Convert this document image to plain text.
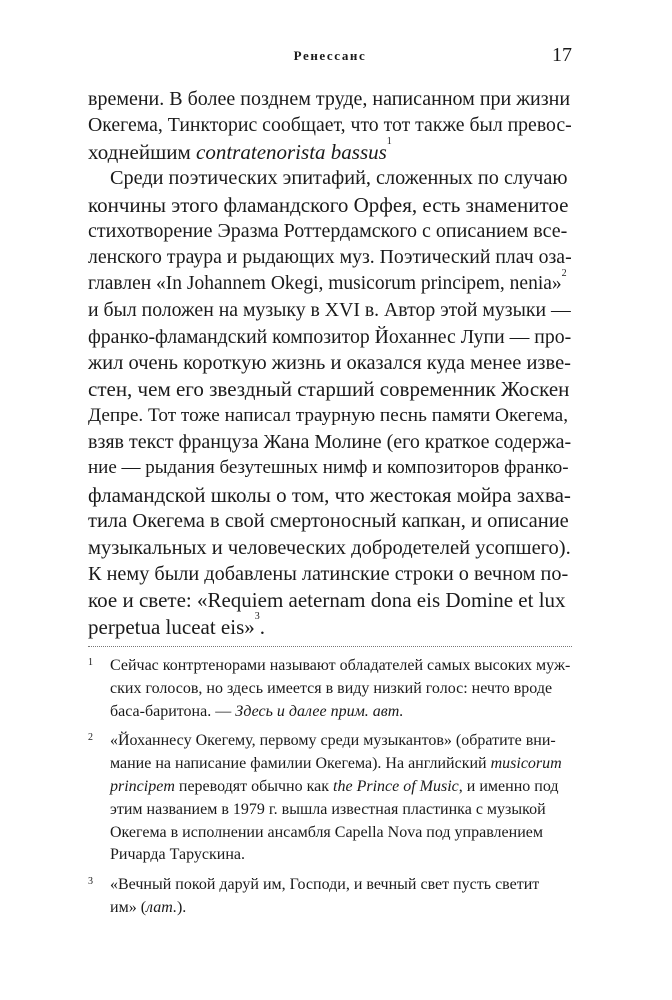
Ренессанс	17
времени. В более позднем труде, написанном при жизни
Окегема, Тинкторис сообщает, что тот также был превос-
ходнейшим contratenorista bassus$^1$
Среди поэтических эпитафий, сложенных по случаю
кончины этого фламандского Орфея, есть знаменитое
стихотворение Эразма Роттердамского с описанием все-
ленского траура и рыдающих муз. Поэтический плач оза-
главлен «In Johannem Okegi, musicorum principem, nenia»$^2$
и был положен на музыку в XVI в. Автор этой музыки —
франко-фламандский композитор Йоханнес Лупи — про-
жил очень короткую жизнь и оказался куда менее изве-
стен, чем его звездный старший современник Жоскен
Депре. Тот тоже написал траурную песнь памяти Окегема,
взяв текст француза Жана Молине (его краткое содержа-
ние — рыдания безутешных нимф и композиторов франко-
фламандской школы о том, что жестокая мойра захва-
тила Окегема в свой смертоносный капкан, и описание
музыкальных и человеческих добродетелей усопшего).
К нему были добавлены латинские строки о вечном по-
кое и свете: «Requiem aeternam dona eis Domine et lux
perpetua luceat eis»$^3$.
1 Сейчас контртенорами называют обладателей самых высоких муж-
ских голосов, но здесь имеется в виду низкий голос: нечто вроде
баса-баритона. — Здесь и далее прим. авт.
2 «Йоханнесу Окегему, первому среди музыкантов» (обратите вни-
мание на написание фамилии Окегема). На английский musicorum
principem переводят обычно как the Prince of Music, и именно под
этим названием в 1979 г. вышла известная пластинка с музыкой
Окегема в исполнении ансамбля Capella Nova под управлением
Ричарда Тарускина.
3 «Вечный покой даруй им, Господи, и вечный свет пусть светит
им» (лат.).
